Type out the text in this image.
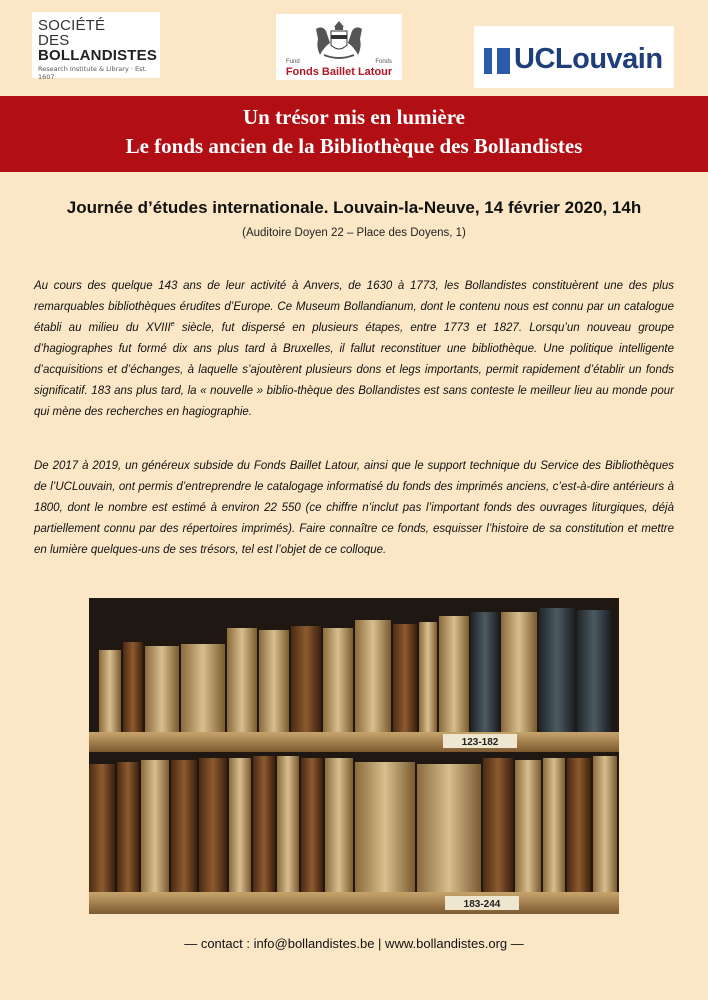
SOCIÉTÉ
DES
BOLLANDISTES
Research Institute & Library · Est. 1607
Fund	Fonds
Fonds Baillet Latour	UCLouvain
Un trésor mis en lumière
Le fonds ancien de la Bibliothèque des Bollandistes
Journée d’études internationale. Louvain-la-Neuve, 14 février 2020, 14h
(Auditoire Doyen 22 – Place des Doyens, 1)
Au cours des quelque 143 ans de leur activité à Anvers, de 1630 à 1773, les Bollandistes constituèrent une des plus remarquables bibliothèques érudites d’Europe. Ce Museum Bollandianum, dont le contenu nous est connu par un catalogue établi au milieu du XVIIIe siècle, fut dispersé en plusieurs étapes, entre 1773 et 1827. Lorsqu’un nouveau groupe d’hagiographes fut formé dix ans plus tard à Bruxelles, il fallut reconstituer une bibliothèque. Une politique intelligente d’acquisitions et d’échanges, à laquelle s’ajoutèrent plusieurs dons et legs importants, permit rapidement d’établir un fonds significatif. 183 ans plus tard, la « nouvelle » biblio-thèque des Bollandistes est sans conteste le meilleur lieu au monde pour qui mène des recherches en hagiographie.
De 2017 à 2019, un généreux subside du Fonds Baillet Latour, ainsi que le support technique du Service des Bibliothèques de l’UCLouvain, ont permis d’entreprendre le catalogage informatisé du fonds des imprimés anciens, c’est-à-dire antérieurs à 1800, dont le nombre est estimé à environ 22 550 (ce chiffre n’inclut pas l’important fonds des ouvrages liturgiques, déjà partiellement connu par des répertoires imprimés). Faire connaître ce fonds, esquisser l’histoire de sa constitution et mettre en lumière quelques-uns de ses trésors, tel est l’objet de ce colloque.
123-182
183-244
— contact : info@bollandistes.be | www.bollandistes.org —
